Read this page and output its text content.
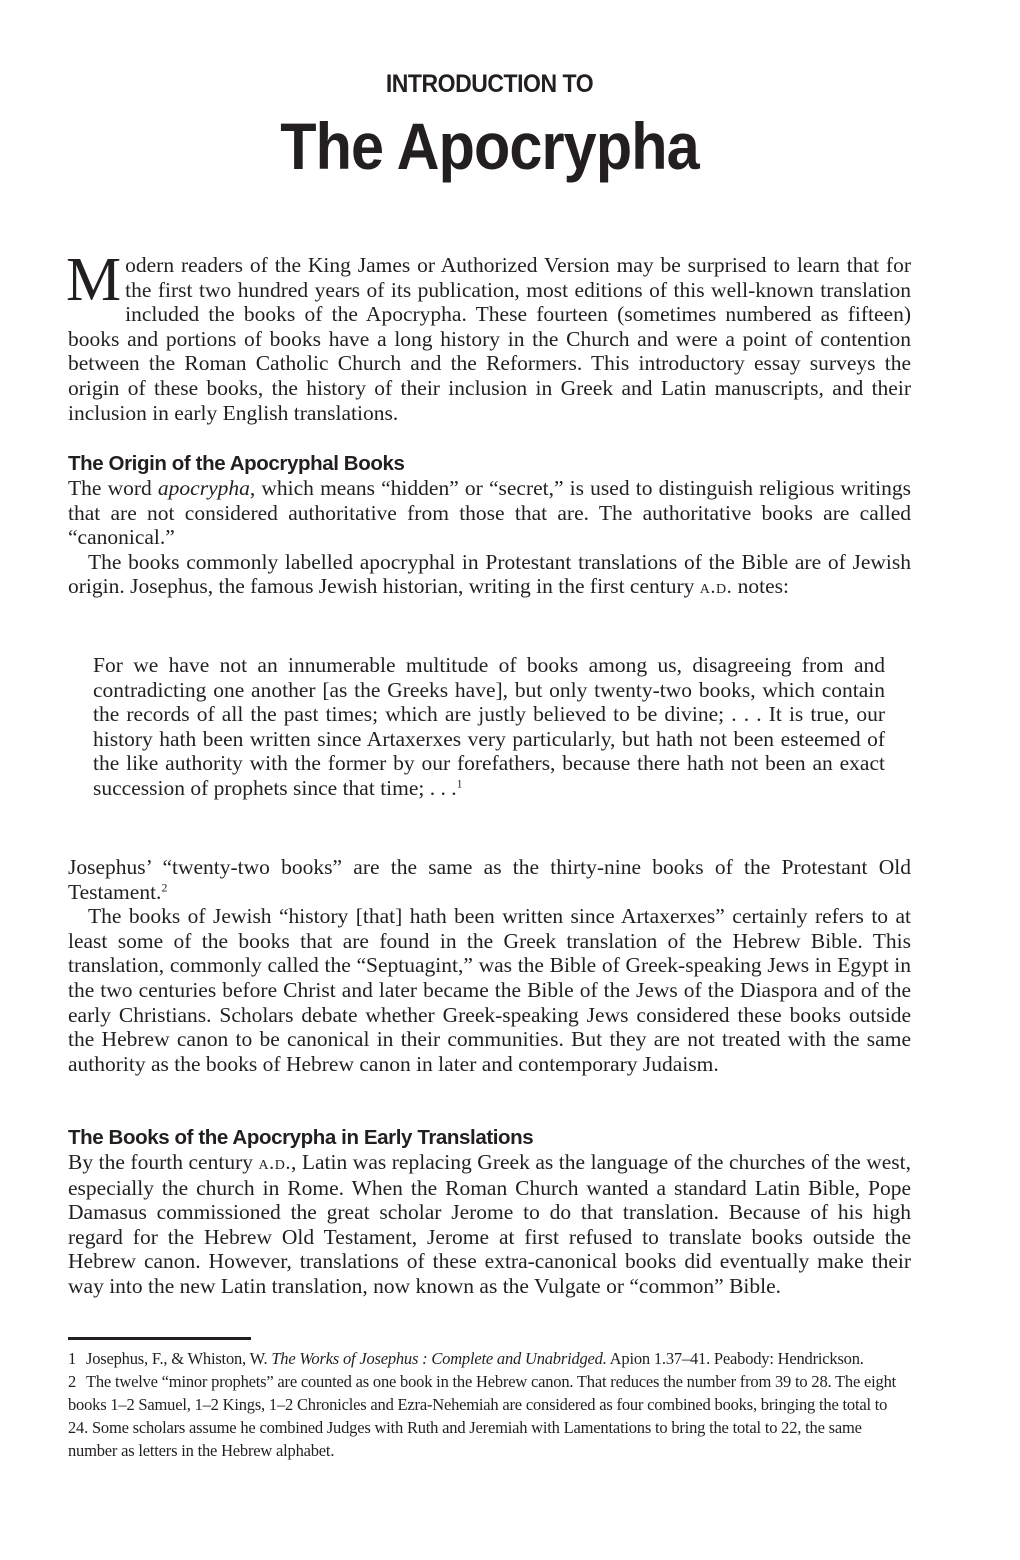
INTRODUCTION TO
The Apocrypha

Modern readers of the King James or Authorized Version may be surprised to learn that for the first two hundred years of its publication, most editions of this well-known translation included the books of the Apocrypha. These fourteen (sometimes numbered as fifteen) books and portions of books have a long history in the Church and were a point of contention between the Roman Catholic Church and the Reformers. This introductory essay surveys the origin of these books, the history of their inclusion in Greek and Latin manuscripts, and their inclusion in early English translations.

The Origin of the Apocryphal Books

The word apocrypha, which means “hidden” or “secret,” is used to distinguish religious writings that are not considered authoritative from those that are. The authoritative books are called “canonical.”

The books commonly labelled apocryphal in Protestant translations of the Bible are of Jewish origin. Josephus, the famous Jewish historian, writing in the first century a.d. notes:

For we have not an innumerable multitude of books among us, disagreeing from and contradicting one another [as the Greeks have], but only twenty-two books, which contain the records of all the past times; which are justly believed to be divine; . . . It is true, our history hath been written since Artaxerxes very particularly, but hath not been esteemed of the like authority with the former by our forefathers, because there hath not been an exact succession of prophets since that time; . . .$^1$

Josephus’ “twenty-two books” are the same as the thirty-nine books of the Protestant Old Testament.$^2$

The books of Jewish “history [that] hath been written since Artaxerxes” certainly refers to at least some of the books that are found in the Greek translation of the Hebrew Bible. This translation, commonly called the “Septuagint,” was the Bible of Greek-speaking Jews in Egypt in the two centuries before Christ and later became the Bible of the Jews of the Diaspora and of the early Christians. Scholars debate whether Greek-speaking Jews considered these books outside the Hebrew canon to be canonical in their communities. But they are not treated with the same authority as the books of Hebrew canon in later and contemporary Judaism.

The Books of the Apocrypha in Early Translations

By the fourth century a.d., Latin was replacing Greek as the language of the churches of the west, especially the church in Rome. When the Roman Church wanted a standard Latin Bible, Pope Damasus commissioned the great scholar Jerome to do that translation. Because of his high regard for the Hebrew Old Testament, Jerome at first refused to translate books outside the Hebrew canon. However, translations of these extra-canonical books did eventually make their way into the new Latin translation, now known as the Vulgate or “common” Bible.

1 Josephus, F., & Whiston, W. The Works of Josephus : Complete and Unabridged. Apion 1.37–41. Peabody: Hendrickson.

2 The twelve “minor prophets” are counted as one book in the Hebrew canon. That reduces the number from 39 to 28. The eight books 1–2 Samuel, 1–2 Kings, 1–2 Chronicles and Ezra-Nehemiah are considered as four combined books, bringing the total to 24. Some scholars assume he combined Judges with Ruth and Jeremiah with Lamentations to bring the total to 22, the same number as letters in the Hebrew alphabet.
